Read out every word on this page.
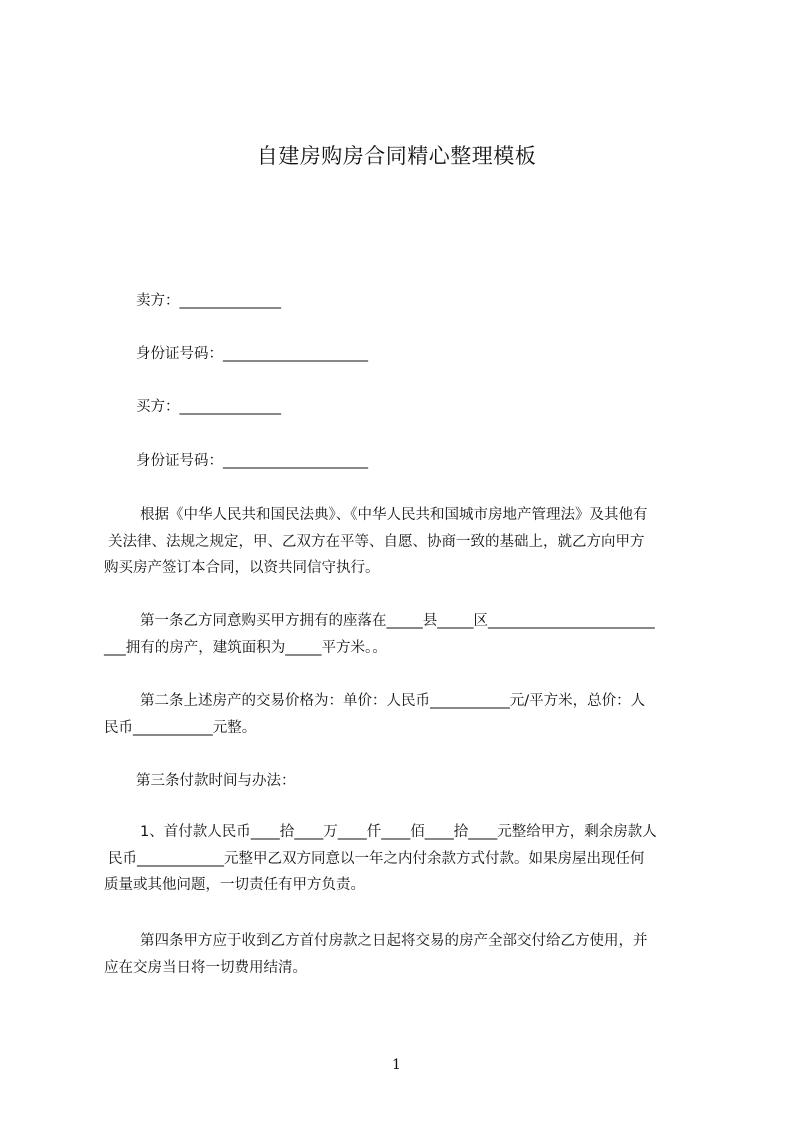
自建房购房合同精心整理模板

卖方：______________

身份证号码：____________________

买方：______________

身份证号码：____________________

根据《中华人民共和国民法典》、《中华人民共和国城市房地产管理法》及其他有
关法律、法规之规定，甲、乙双方在平等、自愿、协商一致的基础上，就乙方向甲方
购买房产签订本合同，以资共同信守执行。
第一条乙方同意购买甲方拥有的座落在_____县_____区_______________________
___拥有的房产，建筑面积为_____平方米。。
第二条上述房产的交易价格为：单价：人民币___________元/平方米，总价：人
民币___________元整。

第三条付款时间与办法：

1、首付款人民币____拾____万____仟____佰____拾____元整给甲方，剩余房款人
民币____________元整甲乙双方同意以一年之内付余款方式付款。如果房屋出现任何
质量或其他问题，一切责任有甲方负责。
第四条甲方应于收到乙方首付房款之日起将交易的房产全部交付给乙方使用，并
应在交房当日将一切费用结清。
1
